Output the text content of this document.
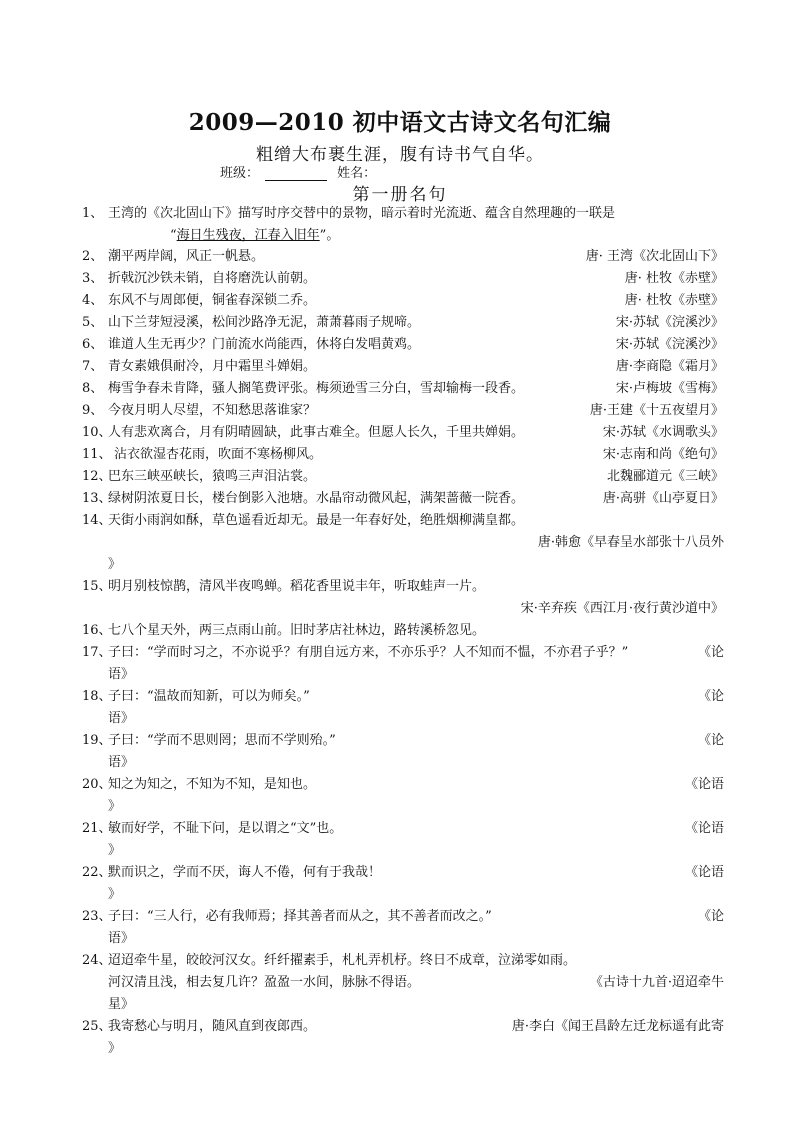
2009—2010 初中语文古诗文名句汇编
粗缯大布裹生涯，腹有诗书气自华。
班级：	姓名：
第一册名句
1、 王湾的《次北固山下》描写时序交替中的景物，暗示着时光流逝、蕴含自然理趣的一联是
“海日生残夜，江春入旧年”。
2、 潮平两岸阔，风正一帆悬。	唐· 王湾《次北固山下》
3、 折戟沉沙铁未销，自将磨洗认前朝。	唐· 杜牧《赤壁》
4、 东风不与周郎便，铜雀春深锁二乔。	唐· 杜牧《赤壁》
5、 山下兰芽短浸溪，松间沙路净无泥，萧萧暮雨子规啼。	宋·苏轼《浣溪沙》
6、 谁道人生无再少？门前流水尚能西，休将白发唱黄鸡。	宋·苏轼《浣溪沙》
7、 青女素娥俱耐冷，月中霜里斗婵娟。	唐·李商隐《霜月》
8、 梅雪争春未肯降，骚人搁笔费评张。梅须逊雪三分白，雪却输梅一段香。	宋·卢梅坡《雪梅》
9、 今夜月明人尽望，不知愁思落谁家？	唐·王建《十五夜望月》
10、
人有悲欢离合，月有阴晴圆缺，此事古难全。但愿人长久，千里共婵娟。	宋·苏轼《水调歌头》
11、 沾衣欲湿杏花雨，吹面不寒杨柳风。	宋·志南和尚《绝句》
12、
巴东三峡巫峡长，猿鸣三声泪沾裳。	北魏郦道元《三峡》
13、
绿树阴浓夏日长，楼台倒影入池塘。水晶帘动微风起，满架蔷薇一院香。	唐·高骈《山亭夏日》
14、
天街小雨润如酥，草色遥看近却无。最是一年春好处，绝胜烟柳满皇都。
唐·韩愈《早春呈水部张十八员外
》
15、
明月别枝惊鹊，清风半夜鸣蝉。稻花香里说丰年，听取蛙声一片。
宋·辛弃疾《西江月·夜行黄沙道中》
16、
七八个星天外，两三点雨山前。旧时茅店社林边，路转溪桥忽见。
17、
子曰：“学而时习之，不亦说乎？有朋自远方来，不亦乐乎？人不知而不愠，不亦君子乎？”	《论
语》
18、
子曰：“温故而知新，可以为师矣。”	《论
语》
19、
子曰：“学而不思则罔；思而不学则殆。”	《论
语》
20、
知之为知之，不知为不知，是知也。	《论语
》
21、
敏而好学，不耻下问，是以谓之“文”也。	《论语
》
22、
默而识之，学而不厌，诲人不倦，何有于我哉！	《论语
》
23、
子曰：“三人行，必有我师焉；择其善者而从之，其不善者而改之。”	《论
语》
24、
迢迢牵牛星，皎皎河汉女。纤纤擢素手，札札弄机杼。终日不成章，泣涕零如雨。
河汉清且浅，相去复几许？盈盈一水间，脉脉不得语。	《古诗十九首·迢迢牵牛
星》
25、
我寄愁心与明月，随风直到夜郎西。	唐·李白《闻王昌龄左迁龙标遥有此寄
》
